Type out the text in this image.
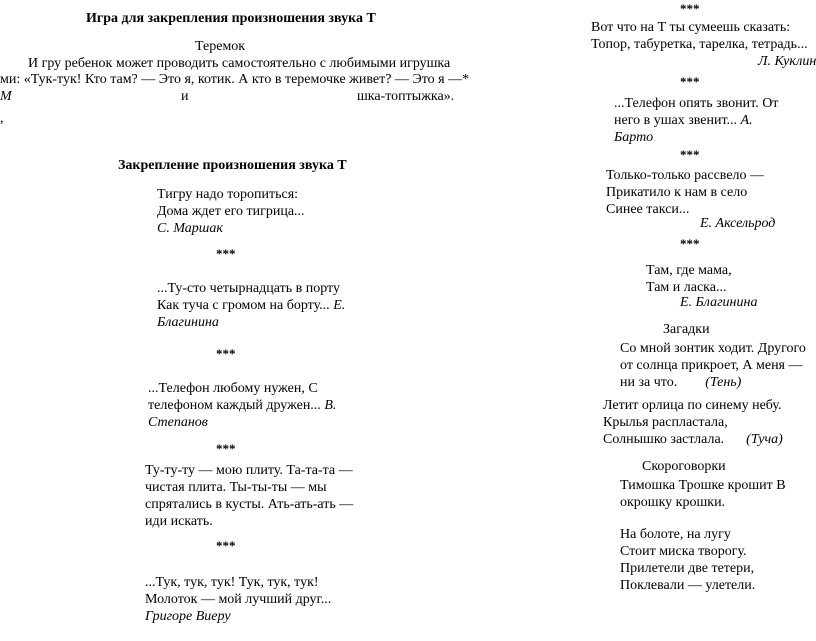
Игра для закрепления произношения звука Т
Теремок
И гру ребенок может проводить самостоятельно с любимыми игрушка
ми: «Тук-тук! Кто там? — Это я, котик. А кто в теремочке живет? — Это я —*
М	и	шка-топтыжка».
,
Закрепление произношения звука Т
Тигру надо торопиться:
Дома ждет его тигрица...
С. Маршак
***
...Ту-сто четырнадцать в порту
Как туча с громом на борту... Е.
Благинина
***
...Телефон любому нужен, С
телефоном каждый дружен... В.
Степанов
***
Ту-ту-ту — мою плиту. Та-та-та —
чистая плита. Ты-ты-ты — мы
спрятались в кусты. Ать-ать-ать —
иди искать.
***
...Тук, тук, тук! Тук, тук, тук!
Молоток — мой лучший друг...
Григоре Виеру
***
Вот что на Т ты сумеешь сказать:
Топор, табуретка, тарелка, тетрадь...
Л. Куклин
***
...Телефон опять звонит. От
него в ушах звенит... А.
Барто
***
Только-только рассвело —
Прикатило к нам в село
Синее такси...
Е. Аксельрод
***
Там, где мама,
Там и ласка...
Е. Благинина
Загадки
Со мной зонтик ходит. Другого
от солнца прикроет, А меня —
ни за что. (Тень)
Летит орлица по синему небу.
Крылья распластала,
Солнышко застлала. (Туча)
Скороговорки
Тимошка Трошке крошит В
окрошку крошки.
На болоте, на лугу
Стоит миска творогу.
Прилетели две тетери,
Поклевали — улетели.
